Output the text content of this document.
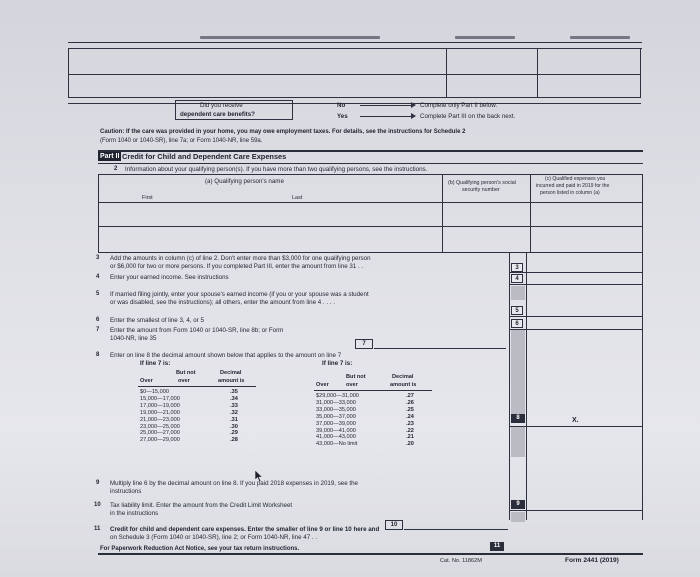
Did you receive
dependent care benefits?
No
Yes
Complete only Part II below.
Complete Part III on the back next.
Caution: If the care was provided in your home, you may owe employment taxes. For details, see the instructions for Schedule 2
(Form 1040 or 1040-SR), line 7a; or Form 1040-NR, line 59a.
Part II Credit for Child and Dependent Care Expenses
2 Information about your qualifying person(s). If you have more than two qualifying persons, see the instructions.
(a) Qualifying person's name
First	Last
(b) Qualifying person's social
security number
(c) Qualified expenses you
incurred and paid in 2019 for the
person listed in column (a)
3 Add the amounts in column (c) of line 2. Don't enter more than $3,000 for one qualifying person
or $6,000 for two or more persons. If you completed Part III, enter the amount from line 31 . .	3
4 Enter your earned income. See instructions	4
5 If married filing jointly, enter your spouse's earned income (if you or your spouse was a student
or was disabled, see the instructions); all others, enter the amount from line 4 . . . .
5
6 Enter the smallest of line 3, 4, or 5	6
7 Enter the amount from Form 1040 or 1040-SR, line 8b; or Form
1040-NR, line 35
7
8 Enter on line 8 the decimal amount shown below that applies to the amount on line 7
If line 7 is:	If line 7 is:
But not
Over	over
Decimal
amount is
But not
Over	over
Decimal
amount is
$0—15,000	.35
15,000—17,000	.34
17,000—19,000	.33
19,000—21,000	.32
21,000—23,000	.31
23,000—25,000	.30
25,000—27,000	.29
27,000—29,000	.28
$29,000—31,000	.27
31,000—33,000	.26
33,000—35,000	.25
35,000—37,000	.24
37,000—39,000	.23
39,000—41,000	.22
41,000—43,000	.21
43,000—No limit	.20
8	X.
9 Multiply line 6 by the decimal amount on line 8. If you paid 2018 expenses in 2019, see the
instructions
9
10 Tax liability limit. Enter the amount from the Credit Limit Worksheet
in the instructions
10
11 Credit for child and dependent care expenses. Enter the smaller of line 9 or line 10 here and
on Schedule 3 (Form 1040 or 1040-SR), line 2; or Form 1040-NR, line 47 . .
11
For Paperwork Reduction Act Notice, see your tax return instructions.
Cat. No. 11862M	Form 2441 (2019)
